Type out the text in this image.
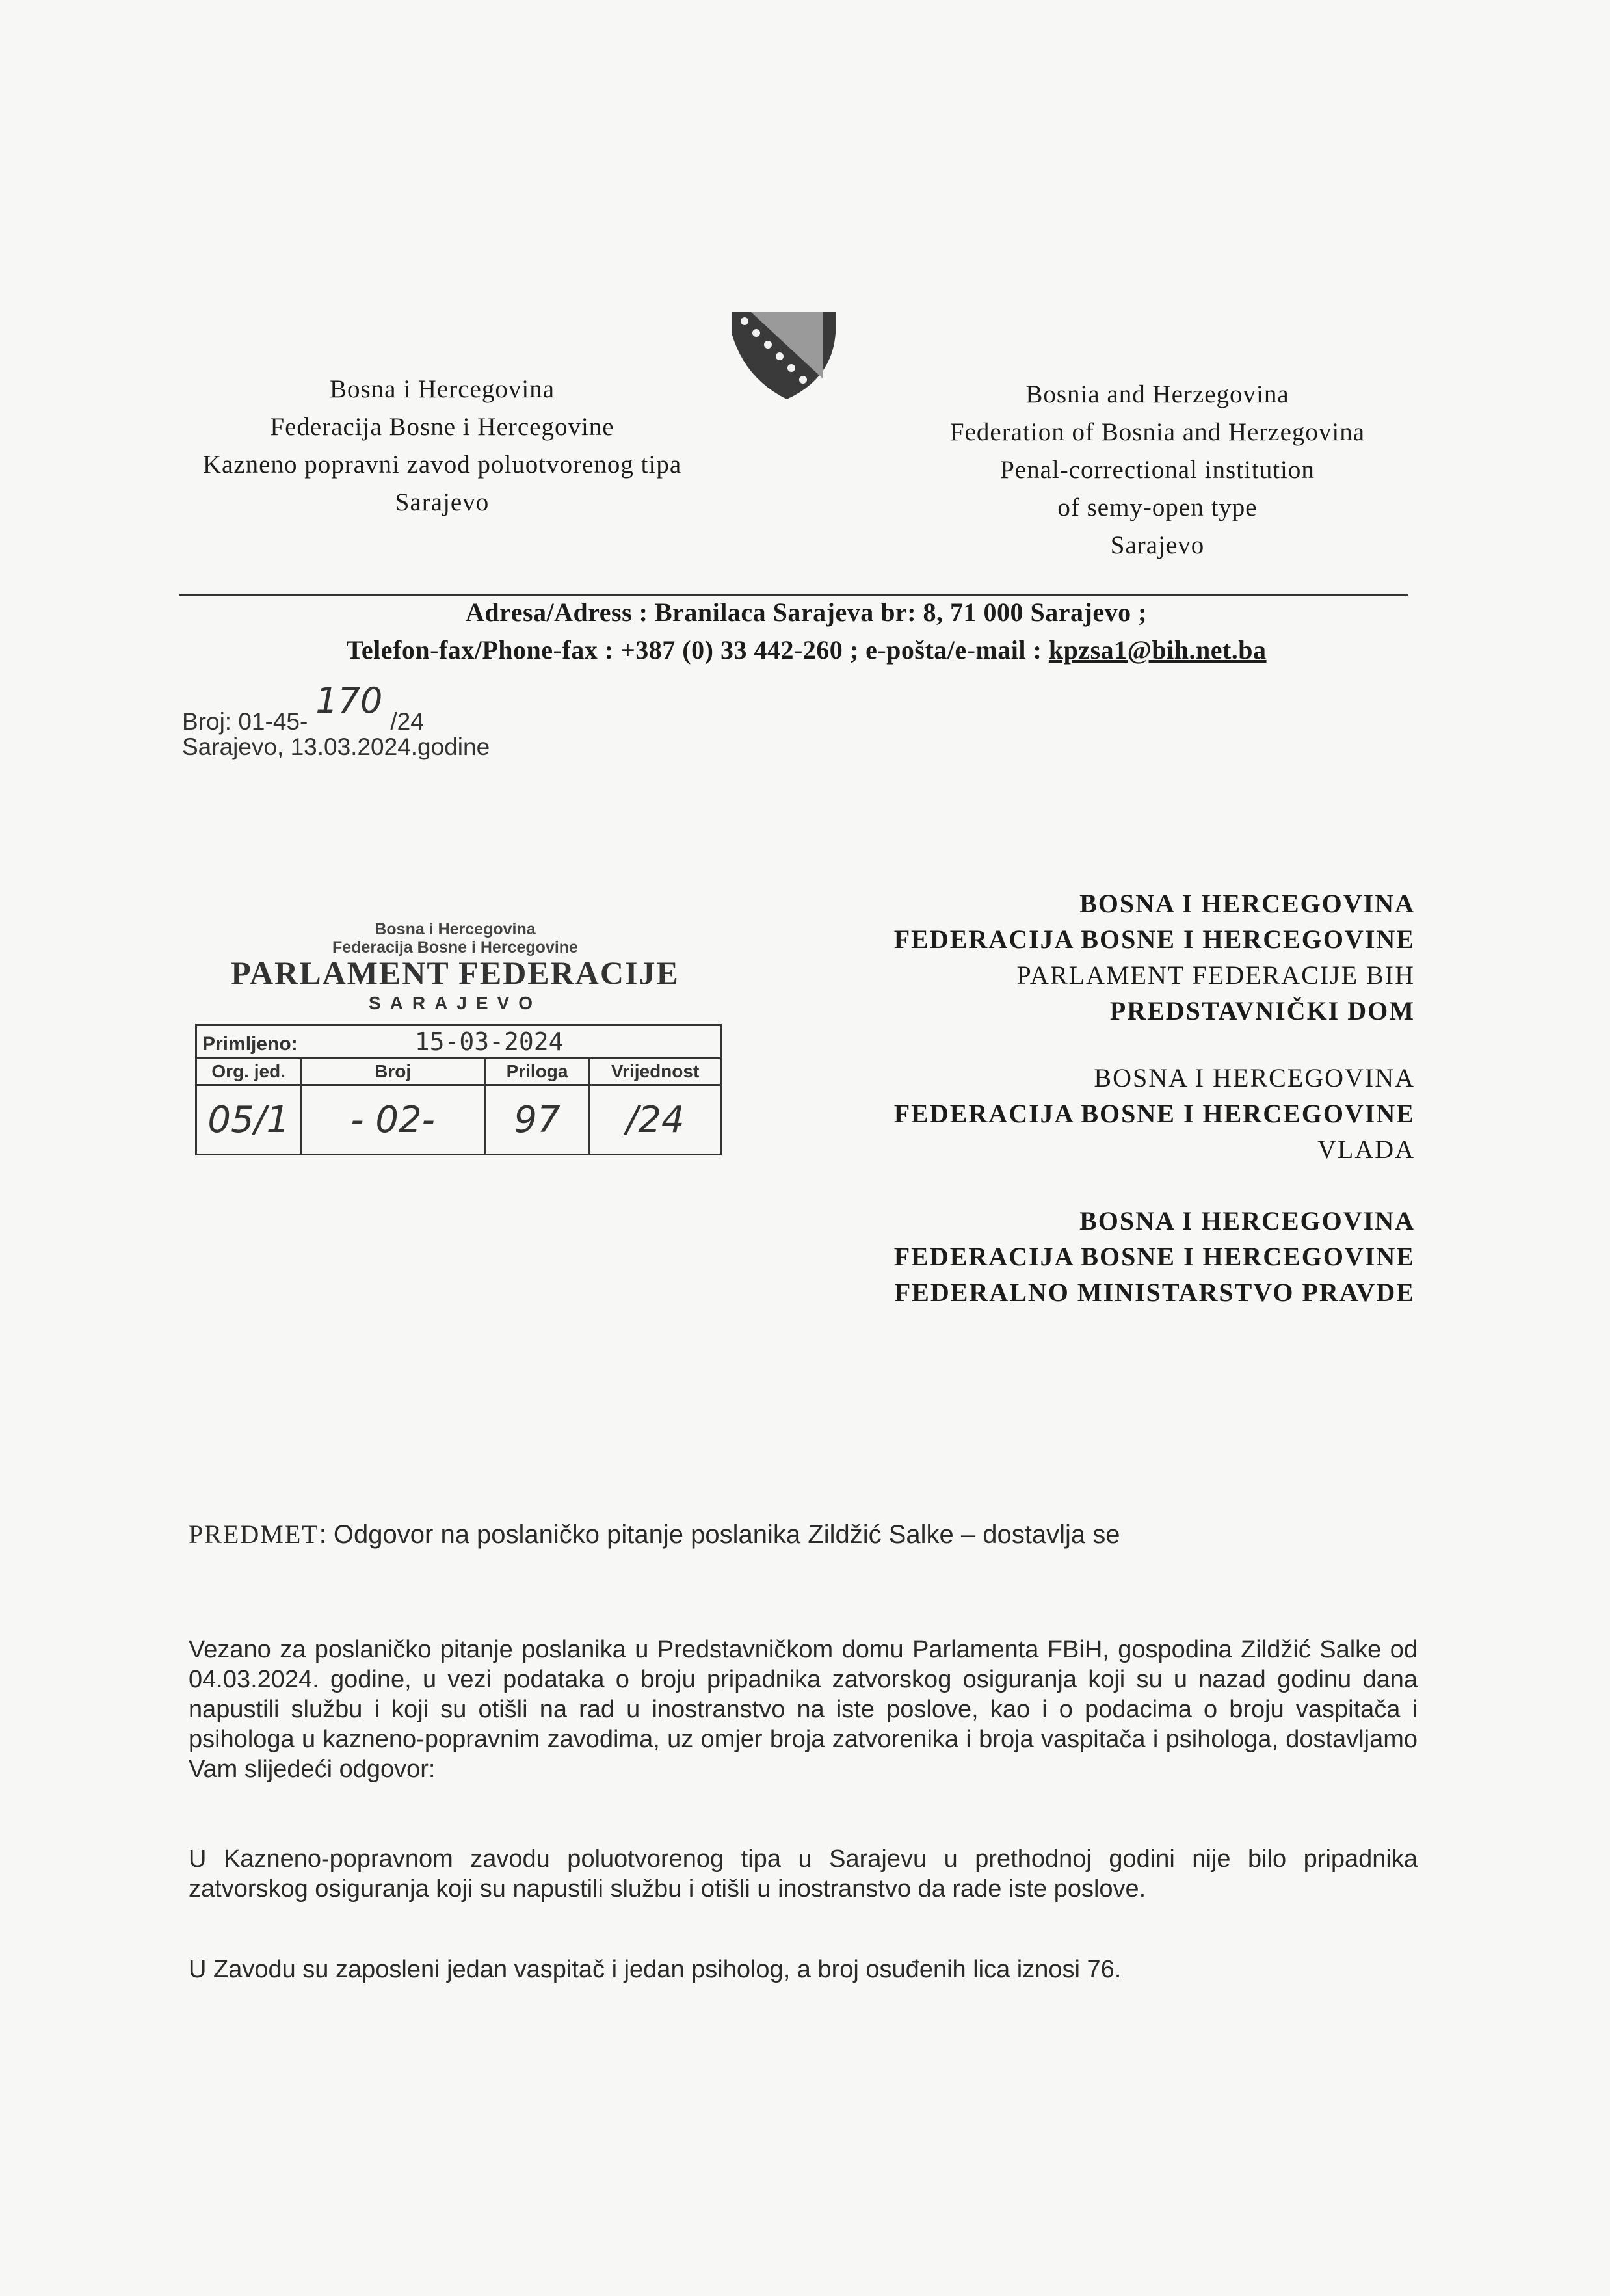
Bosna i Hercegovina
Federacija Bosne i Hercegovine
Kazneno popravni zavod poluotvorenog tipa
Sarajevo
Bosnia and Herzegovina
Federation of Bosnia and Herzegovina
Penal-correctional institution
of semy-open type
Sarajevo
Adresa/Adress : Branilaca Sarajeva br: 8, 71 000 Sarajevo ;
Telefon-fax/Phone-fax : +387 (0) 33 442-260 ; e-pošta/e-mail : kpzsa1@bih.net.ba
Broj: 01-45-170/24
Sarajevo, 13.03.2024.godine
Bosna i Hercegovina
Federacija Bosne i Hercegovine
PARLAMENT FEDERACIJE
SARAJEVO
Primljeno: 15-03-2024			
Org. jed.	Broj	Priloga	Vrijednost
05/1	- 02-	97	/24
BOSNA I HERCEGOVINA
FEDERACIJA BOSNE I HERCEGOVINE
PARLAMENT FEDERACIJE BIH
PREDSTAVNIČKI DOM
BOSNA I HERCEGOVINA
FEDERACIJA BOSNE I HERCEGOVINE
VLADA
BOSNA I HERCEGOVINA
FEDERACIJA BOSNE I HERCEGOVINE
FEDERALNO MINISTARSTVO PRAVDE
PREDMET: Odgovor na poslaničko pitanje poslanika Zildžić Salke – dostavlja se
Vezano za poslaničko pitanje poslanika u Predstavničkom domu Parlamenta FBiH, gospodina Zildžić Salke od 04.03.2024. godine, u vezi podataka o broju pripadnika zatvorskog osiguranja koji su u nazad godinu dana napustili službu i koji su otišli na rad u inostranstvo na iste poslove, kao i o podacima o broju vaspitača i psihologa u kazneno-popravnim zavodima, uz omjer broja zatvorenika i broja vaspitača i psihologa, dostavljamo Vam slijedeći odgovor:
U Kazneno-popravnom zavodu poluotvorenog tipa u Sarajevu u prethodnoj godini nije bilo pripadnika zatvorskog osiguranja koji su napustili službu i otišli u inostranstvo da rade iste poslove.
U Zavodu su zaposleni jedan vaspitač i jedan psiholog, a broj osuđenih lica iznosi 76.
